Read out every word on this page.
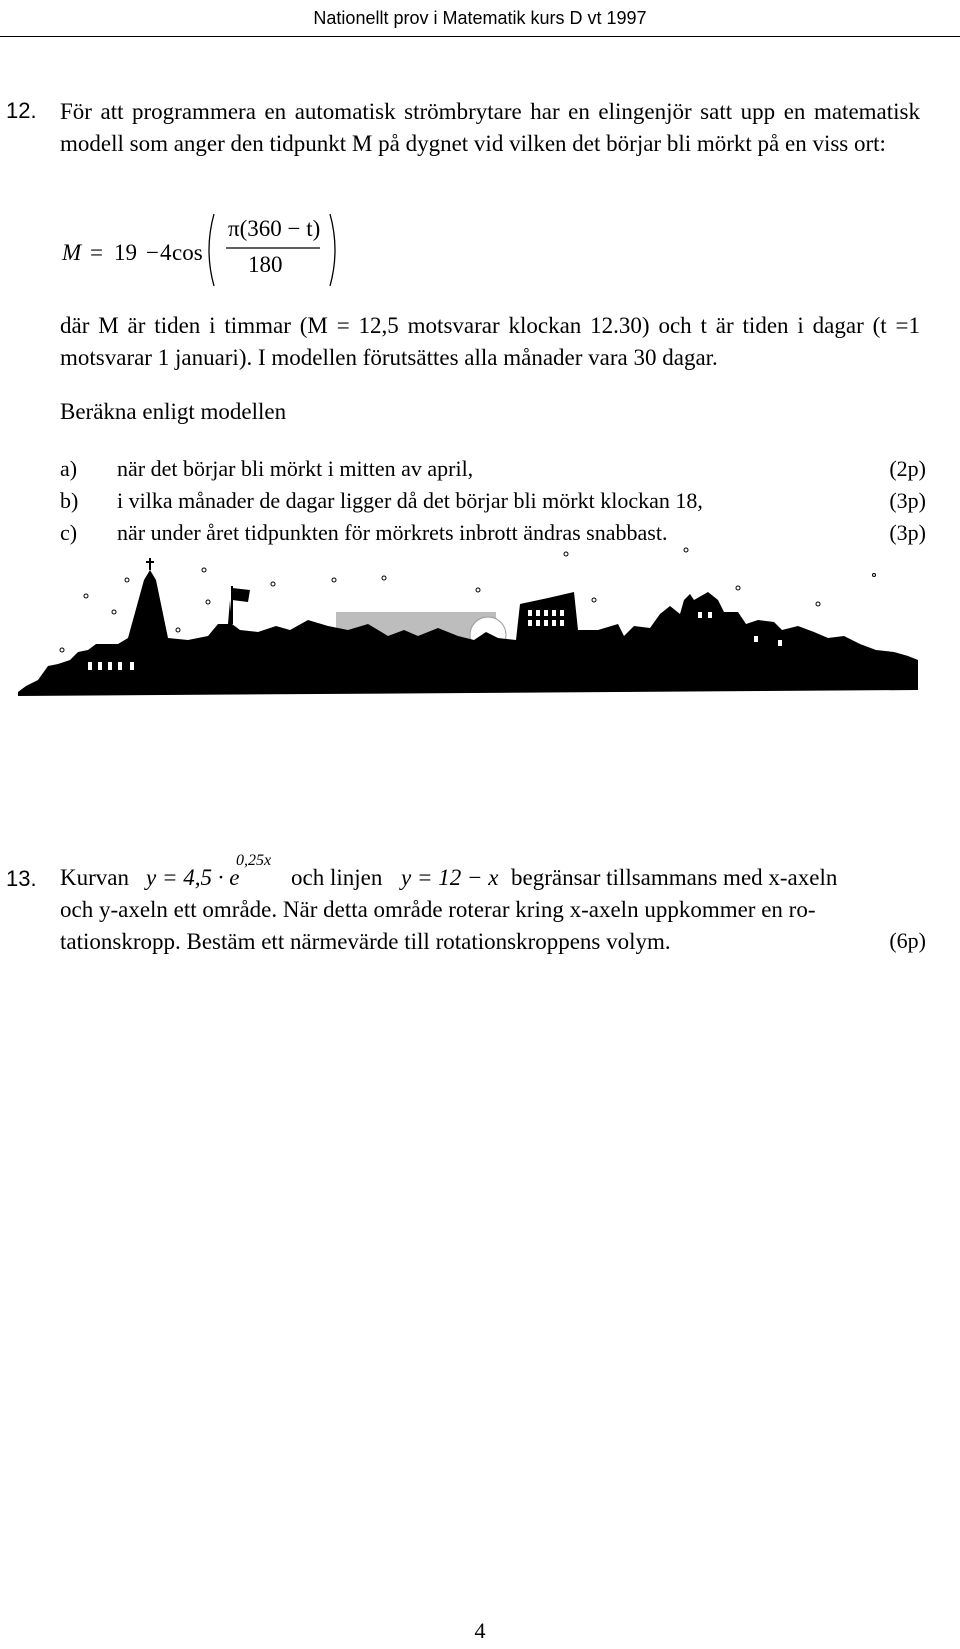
Nationellt prov i Matematik kurs D vt 1997
12. För att programmera en automatisk strömbrytare har en elingenjör satt upp en matematisk modell som anger den tidpunkt M på dygnet vid vilken det börjar bli mörkt på en viss ort:
M = 19 − 4 cos
π(360 − t)
180
där M är tiden i timmar (M = 12,5 motsvarar klockan 12.30) och t är tiden i dagar (t =1 motsvarar 1 januari). I modellen förutsättes alla månader vara 30 dagar.
Beräkna enligt modellen
a) när det börjar bli mörkt i mitten av april,	(2p)
b) i vilka månader de dagar ligger då det börjar bli mörkt klockan 18,	(3p)
c) när under året tidpunkten för mörkrets inbrott ändras snabbast.	(3p)
13. Kurvan y = 4,5 · e
0,25x
och linjen y = 12 − x begränsar tillsammans med x-axeln
och y-axeln ett område. När detta område roterar kring x-axeln uppkommer en ro-
tationskropp. Bestäm ett närmevärde till rotationskroppens volym.	(6p)
4
